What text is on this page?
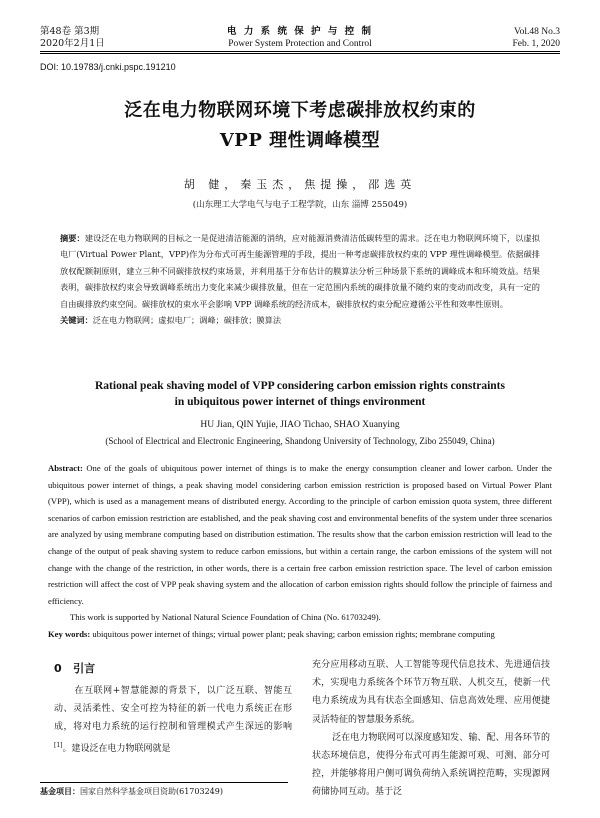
第48卷 第3期
2020年2月1日
电 力 系 统 保 护 与 控 制
Power System Protection and Control
Vol.48 No.3
Feb. 1, 2020
DOI: 10.19783/j.cnki.pspc.191210
泛在电力物联网环境下考虑碳排放权约束的
VPP 理性调峰模型
胡 健，秦玉杰，焦提操，邵选英
(山东理工大学电气与电子工程学院，山东 淄博 255049)

摘要：建设泛在电力物联网的目标之一是促进清洁能源的消纳，应对能源消费清洁低碳转型的需求。泛在电力物联网环境下，以虚拟电厂(Virtual Power Plant，VPP)作为分布式可再生能源管理的手段，提出一种考虑碳排放权约束的 VPP 理性调峰模型。依据碳排放权配额制原则，建立三种不同碳排放权约束场景，并利用基于分布估计的膜算法分析三种场景下系统的调峰成本和环境效益。结果表明，碳排放权约束会导致调峰系统出力变化来减少碳排放量，但在一定范围内系统的碳排放量不随约束的变动而改变，具有一定的自由碳排放约束空间。碳排放权的束水平会影响 VPP 调峰系统的经济成本，碳排放权约束分配应遵循公平性和效率性原则。

关键词：泛在电力物联网；虚拟电厂；调峰；碳排放；膜算法

Rational peak shaving model of VPP considering carbon emission rights constraints
in ubiquitous power internet of things environment
HU Jian, QIN Yujie, JIAO Tichao, SHAO Xuanying
(School of Electrical and Electronic Engineering, Shandong University of Technology, Zibo 255049, China)

Abstract: One of the goals of ubiquitous power internet of things is to make the energy consumption cleaner and lower carbon. Under the ubiquitous power internet of things, a peak shaving model considering carbon emission restriction is proposed based on Virtual Power Plant (VPP), which is used as a management means of distributed energy. According to the principle of carbon emission quota system, three different scenarios of carbon emission restriction are established, and the peak shaving cost and environmental benefits of the system under three scenarios are analyzed by using membrane computing based on distribution estimation. The results show that the carbon emission restriction will lead to the change of the output of peak shaving system to reduce carbon emissions, but within a certain range, the carbon emissions of the system will not change with the change of the restriction, in other words, there is a certain free carbon emission restriction space. The level of carbon emission restriction will affect the cost of VPP peak shaving system and the allocation of carbon emission rights should follow the principle of fairness and efficiency.

This work is supported by National Natural Science Foundation of China (No. 61703249).

Key words: ubiquitous power internet of things; virtual power plant; peak shaving; carbon emission rights; membrane computing

0 引言

在互联网+智慧能源的背景下，以广泛互联、智能互动、灵活柔性、安全可控为特征的新一代电力系统正在形成，将对电力系统的运行控制和管理模式产生深远的影响[1]。建设泛在电力物联网就是

基金项目：国家自然科学基金项目资助(61703249)

充分应用移动互联、人工智能等现代信息技术、先进通信技术，实现电力系统各个环节万物互联、人机交互，使新一代电力系统成为具有状态全面感知、信息高效处理、应用便捷灵活特征的智慧服务系统。

泛在电力物联网可以深度感知发、输、配、用各环节的状态环境信息，使得分布式可再生能源可观、可测、部分可控，并能够将用户侧可调负荷纳入系统调控范畴，实现源网荷储协同互动。基于泛
